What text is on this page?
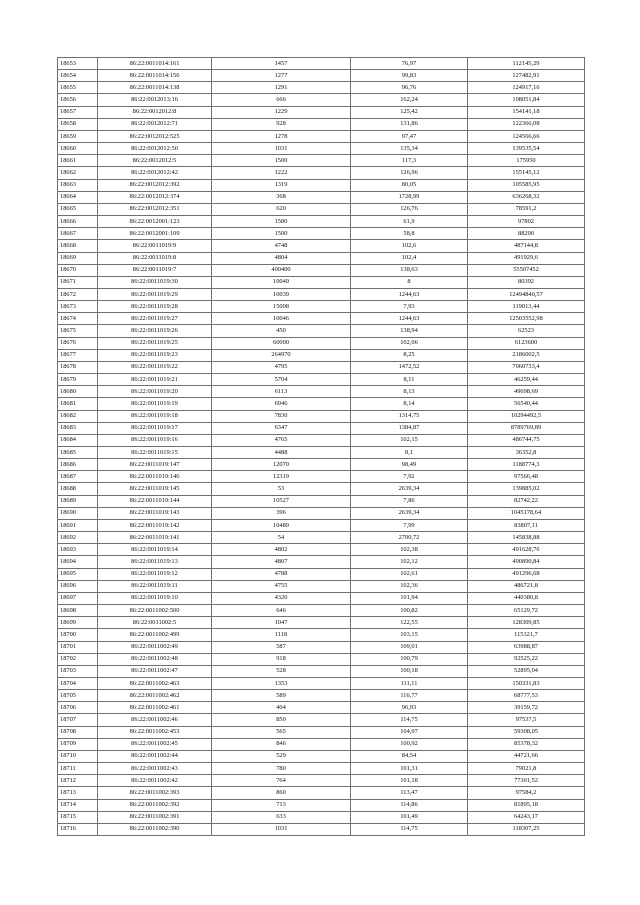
18653	86:22:0011014:161	1457	76,97	112145,29
18654	86:22:0011014:156	1277	99,83	127482,91
18655	86:22:0011014:138	1291	96,76	124917,16
18656	86:22:0012013:16	666	162,24	108051,84
18657	86:22:0012012:8	1229	125,42	154141,18
18658	86:22:0012012:71	928	131,86	122366,08
18659	86:22:0012012:525	1278	97,47	124566,66
18660	86:22:0012012:50	1031	135,34	139535,54
18661	86:22:0012012:5	1500	117,3	175950
18662	86:22:0012012:42	1222	126,96	155145,12
18663	86:22:0012012:392	1319	80,05	105585,95
18664	86:22:0012012:374	368	1728,99	636268,32
18665	86:22:0012012:351	620	126,76	78591,2
18666	86:22:0012001:123	1580	61,9	97802
18667	86:22:0012001:109	1500	58,8	88200
18668	86:22:0011019:9	4748	102,6	487144,8
18669	86:22:0011019:8	4804	102,4	491929,6
18670	86:22:0011019:7	400400	138,63	55507452
18671	86:22:0011019:30	10049	8	80392
18672	86:22:0011019:29	10039	1244,63	12494840,57
18673	86:22:0011019:28	15008	7,93	119013,44
18674	86:22:0011019:27	10046	1244,63	12503552,98
18675	86:22:0011019:26	450	138,94	62523
18676	86:22:0011019:25	60000	102,06	6123600
18677	86:22:0011019:23	264970	8,25	2186002,5
18678	86:22:0011019:22	4795	1472,52	7060733,4
18679	86:22:0011019:21	5704	8,11	46259,44
18680	86:22:0011019:20	6113	8,13	49698,69
18681	86:22:0011019:19	6946	8,14	56540,44
18682	86:22:0011019:18	7830	1314,75	10294492,5
18683	86:22:0011019:17	6347	1384,87	8789769,89
18684	86:22:0011019:16	4765	102,15	486744,75
18685	86:22:0011019:15	4488	8,1	36352,8
18686	86:22:0011019:147	12070	98,49	1188774,3
18687	86:22:0011019:146	12319	7,92	97566,48
18688	86:22:0011019:145	53	2639,34	139885,02
18689	86:22:0011019:144	10527	7,86	82742,22
18690	86:22:0011019:143	396	2639,34	1045178,64
18691	86:22:0011019:142	10489	7,99	83807,11
18692	86:22:0011019:141	54	2700,72	145838,88
18693	86:22:0011019:14	4802	102,38	491628,76
18694	86:22:0011019:13	4807	102,12	490890,84
18695	86:22:0011019:12	4788	102,61	491296,68
18696	86:22:0011019:11	4755	102,36	486721,8
18697	86:22:0011019:10	4320	101,94	440380,8
18698	86:22:0011002:500	646	100,82	65129,72
18699	86:22:0011002:5	1047	122,55	128309,85
18700	86:22:0011002:499	1118	103,15	115321,7
18701	86:22:0011002:49	587	109,01	63988,87
18702	86:22:0011002:48	918	100,79	92525,22
18703	86:22:0011002:47	528	100,18	52895,04
18704	86:22:0011002:463	1353	111,11	150331,83
18705	86:22:0011002:462	589	116,77	68777,53
18706	86:22:0011002:461	404	96,93	39159,72
18707	86:22:0011002:46	850	114,75	97537,5
18708	86:22:0011002:453	565	104,97	59308,05
18709	86:22:0011002:45	846	100,92	85378,32
18710	86:22:0011002:44	529	84,54	44721,66
18711	86:22:0011002:43	780	101,31	79021,8
18712	86:22:0011002:42	764	101,18	77301,52
18713	86:22:0011002:393	860	113,47	97584,2
18714	86:22:0011002:392	713	114,86	81895,18
18715	86:22:0011002:391	633	101,49	64243,17
18716	86:22:0011002:390	1031	114,75	118307,25
